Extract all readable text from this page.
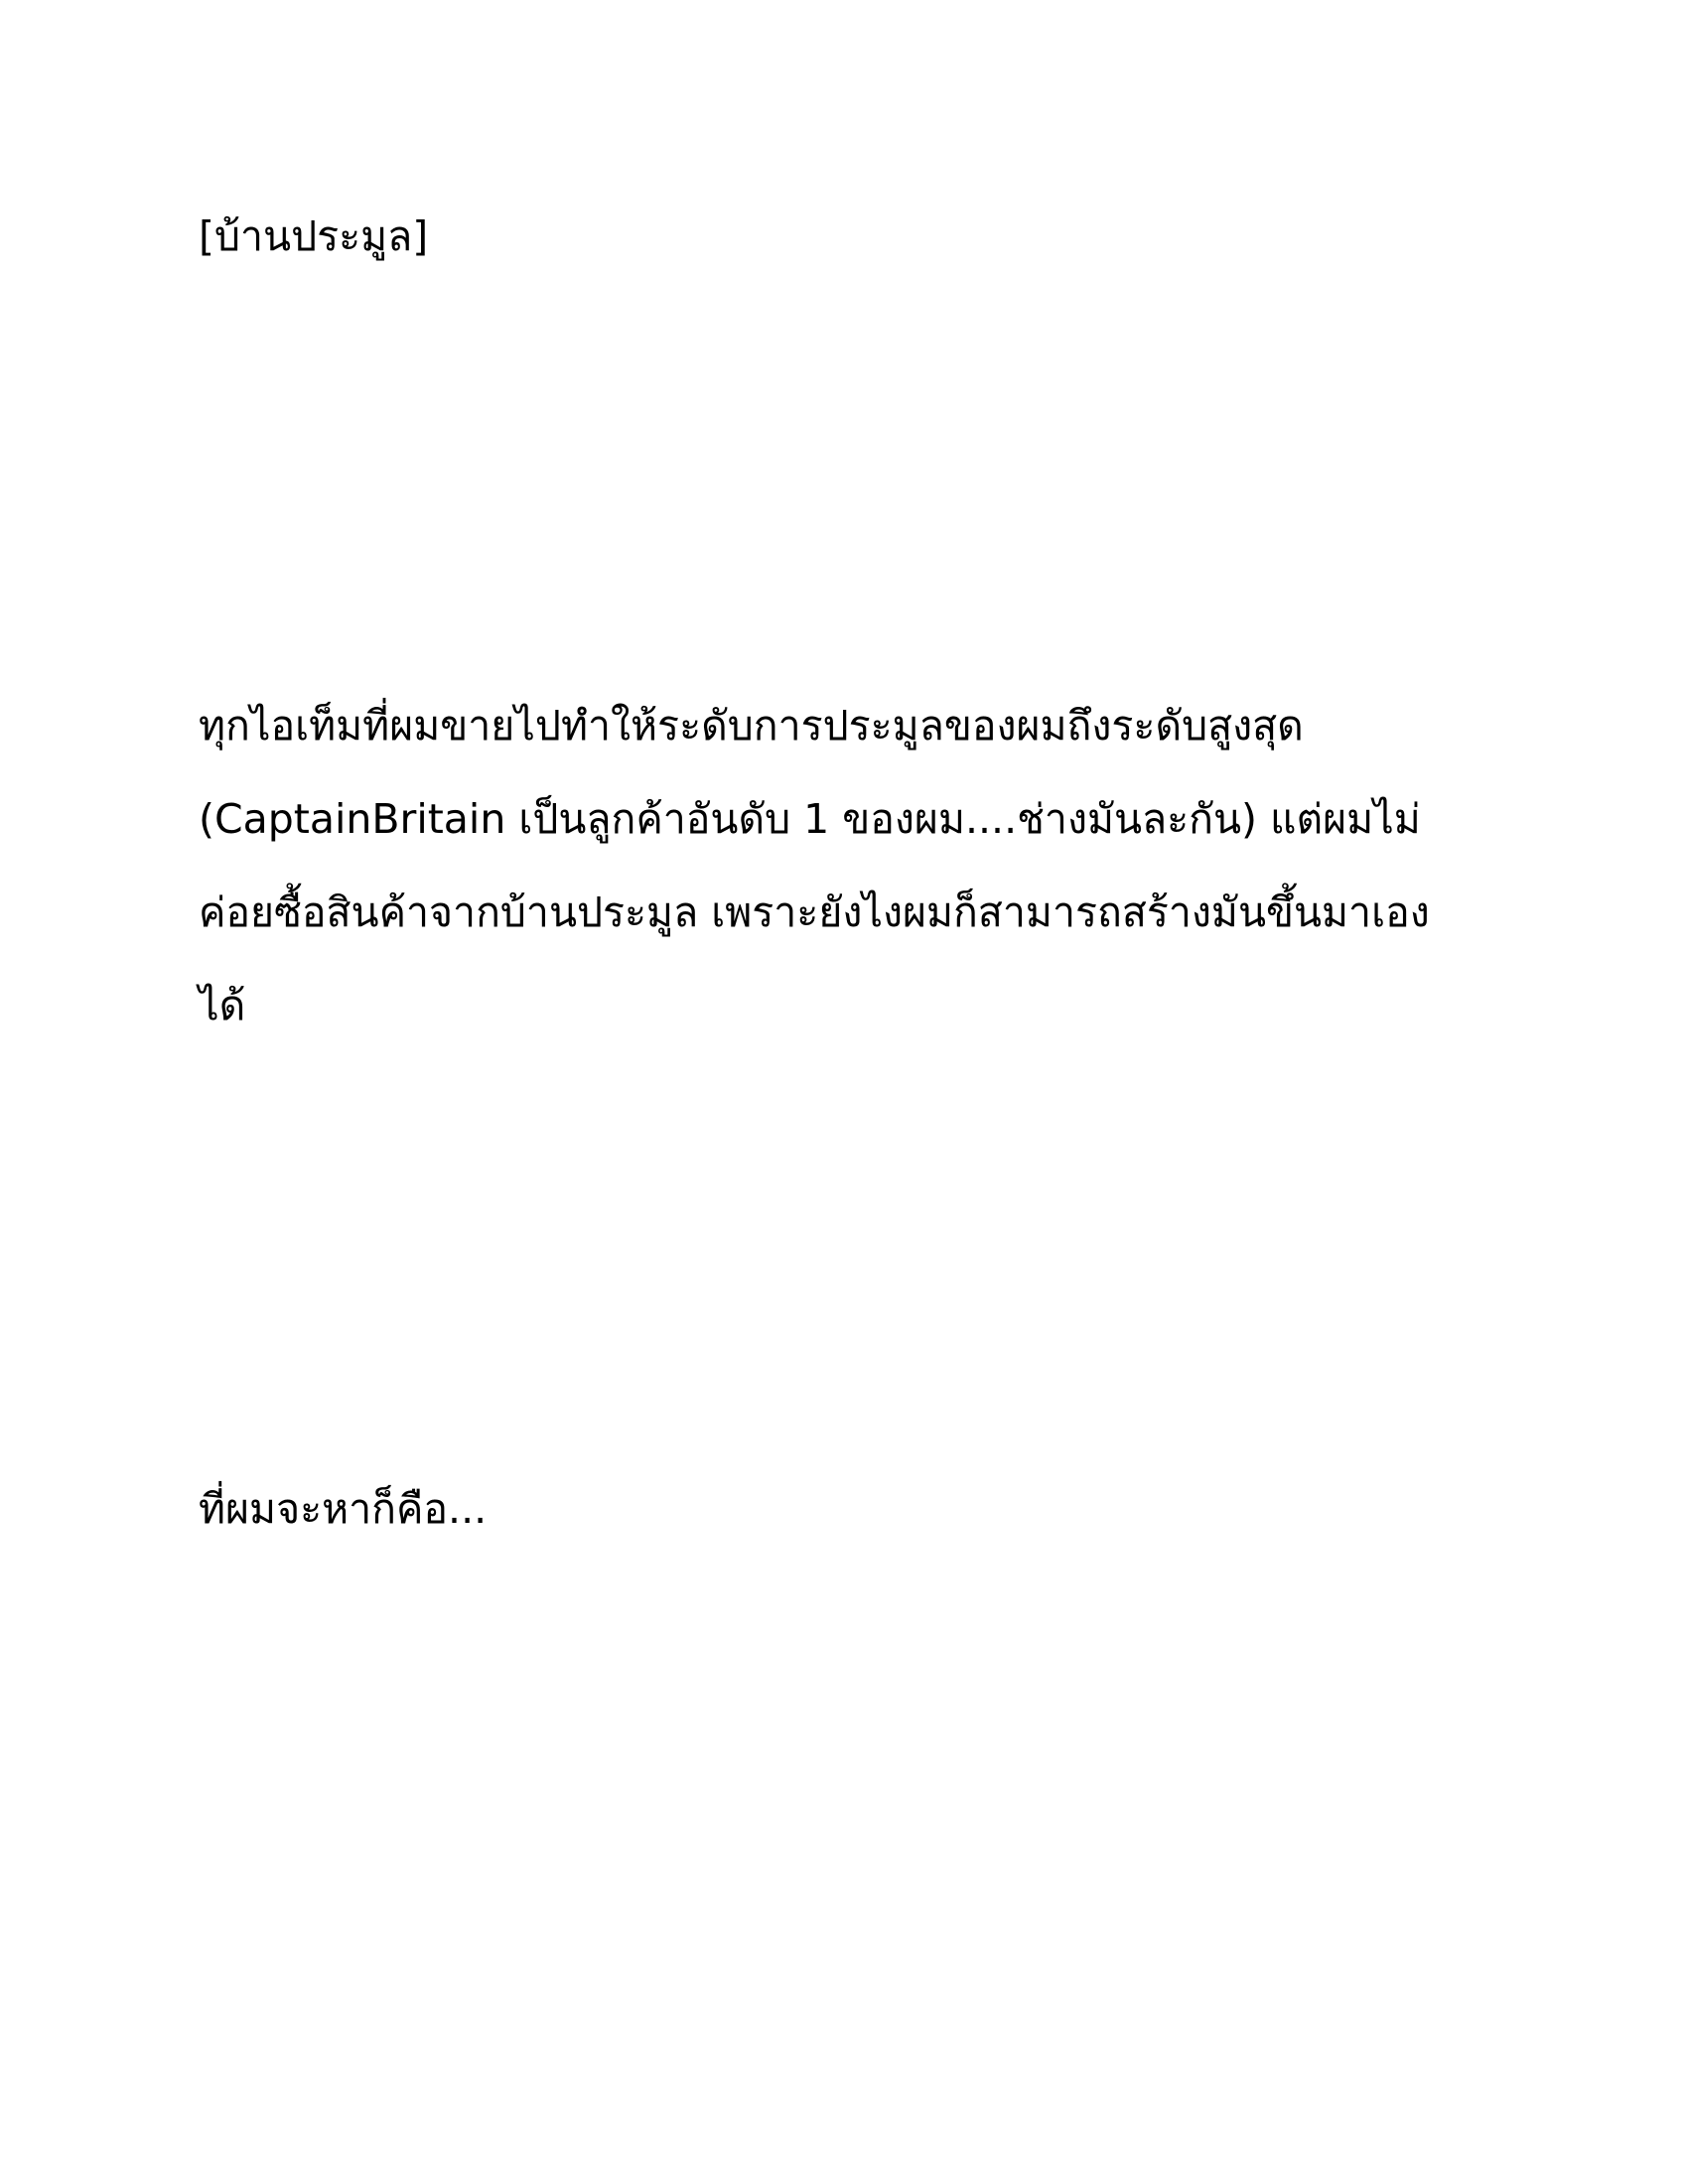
[บ้านประมูล]

ทุกไอเท็มที่ผมขายไปทำให้ระดับการประมูลของผมถึงระดับสูงสุด

(CaptainBritain เป็นลูกค้าอันดับ 1 ของผม....ช่างมันละกัน) แต่ผมไม่

ค่อยซื้อสินค้าจากบ้านประมูล เพราะยังไงผมก็สามารถสร้างมันขึ้นมาเอง

ได้

ที่ผมจะหาก็คือ...
